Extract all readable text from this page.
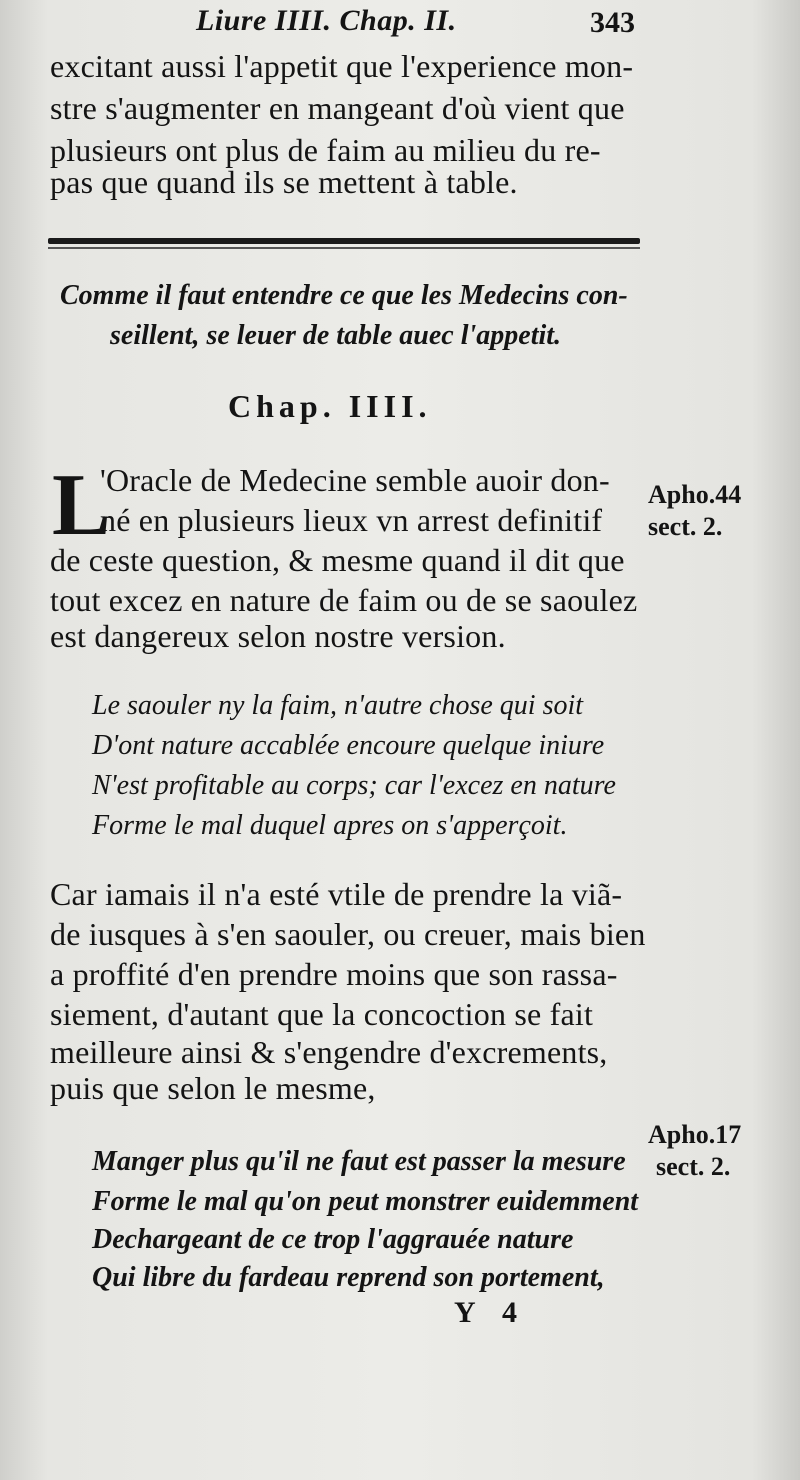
Liure IIII. Chap. II.	343
excitant aussi l'appetit que l'experience mon-
stre s'augmenter en mangeant d'où vient que
plusieurs ont plus de faim au milieu du re-
pas que quand ils se mettent à table.
Comme il faut entendre ce que les Medecins con-
seillent, se leuer de table auec l'appetit.
Chap. IIII.
L
'Oracle de Medecine semble auoir don-
né en plusieurs lieux vn arrest definitif
de ceste question, & mesme quand il dit que
tout excez en nature de faim ou de se saoulez
est dangereux selon nostre version.
Apho.44
sect. 2.
Le saouler ny la faim, n'autre chose qui soit
D'ont nature accablée encoure quelque iniure
N'est profitable au corps; car l'excez en nature
Forme le mal duquel apres on s'apperçoit.
Car iamais il n'a esté vtile de prendre la viã-
de iusques à s'en saouler, ou creuer, mais bien
a proffité d'en prendre moins que son rassa-
siement, d'autant que la concoction se fait
meilleure ainsi & s'engendre d'excrements,
puis que selon le mesme,
Apho.17
sect. 2.
Manger plus qu'il ne faut est passer la mesure
Forme le mal qu'on peut monstrer euidemment
Dechargeant de ce trop l'aggrauée nature
Qui libre du fardeau reprend son portement,
Y 4
